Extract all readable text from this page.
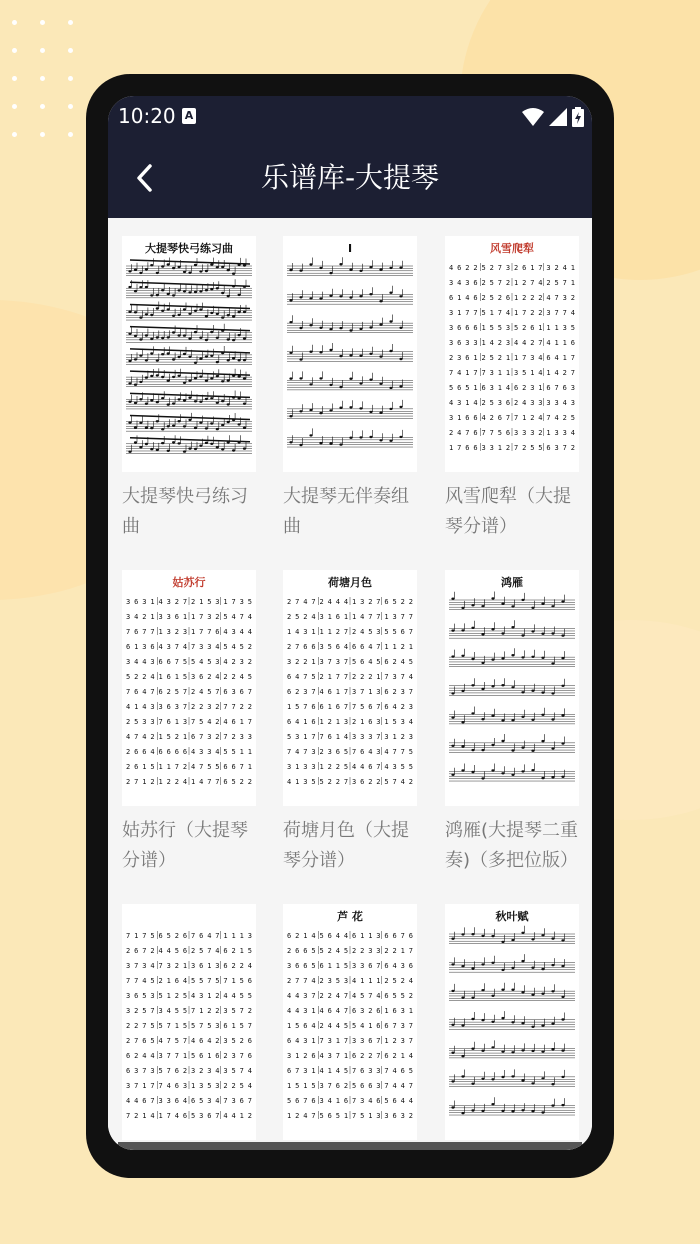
10:20 A

乐谱库-大提琴
大提琴快弓练习曲
大提琴快弓练习曲
I
大提琴无伴奏组曲
风雪爬犁
4622527326173241
3436257212742571
6146252612224732
3177517417223774
3666155352611135
3633142344274116
2361252117346417
7417731135141427
5651631462316763
4314253624333343
3166426771247425
2476775633321334
1766331272556372
风雪爬犁（大提琴分谱）
姑苏行
3631432721531735
3421336117325474
7677132317764344
6136437473345452
3443667554534232
5224161536242245
7647625724576367
4143363722327722
2533761375424617
4742152167327233
2664666643345511
2615117247556671
2712122414776522
姑苏行（大提琴分谱）
荷塘月色
2747244413276522
2524316114771377
1431112724535567
2766356466471121
3221373756456245
6475217722217374
6237461737136237
1576616775676423
6416121321631534
5317761433373123
7473236576434775
3133122544674355
4135522736225742
荷塘月色（大提琴分谱）
鸿雁
鸿雁(大提琴二重奏)（多把位版）
7175652676471113
2672445625746215
3734732136136224
7745216455757156
3653512543124455
3257345571223572
2275571557536157
2765475746423526
6244377156162376
6373576232343574
3717746313532254
4467336465347367
7214174653674412
芦 花
6214564461136676
2665524522332217
3665611533676436
2774235341112524
4437224745746552
4431464763261631
1564244554166737
6431731733671237
3126437162276214
6731414576337465
1515376256637447
5676341673465644
1247565175133632
秋叶赋
